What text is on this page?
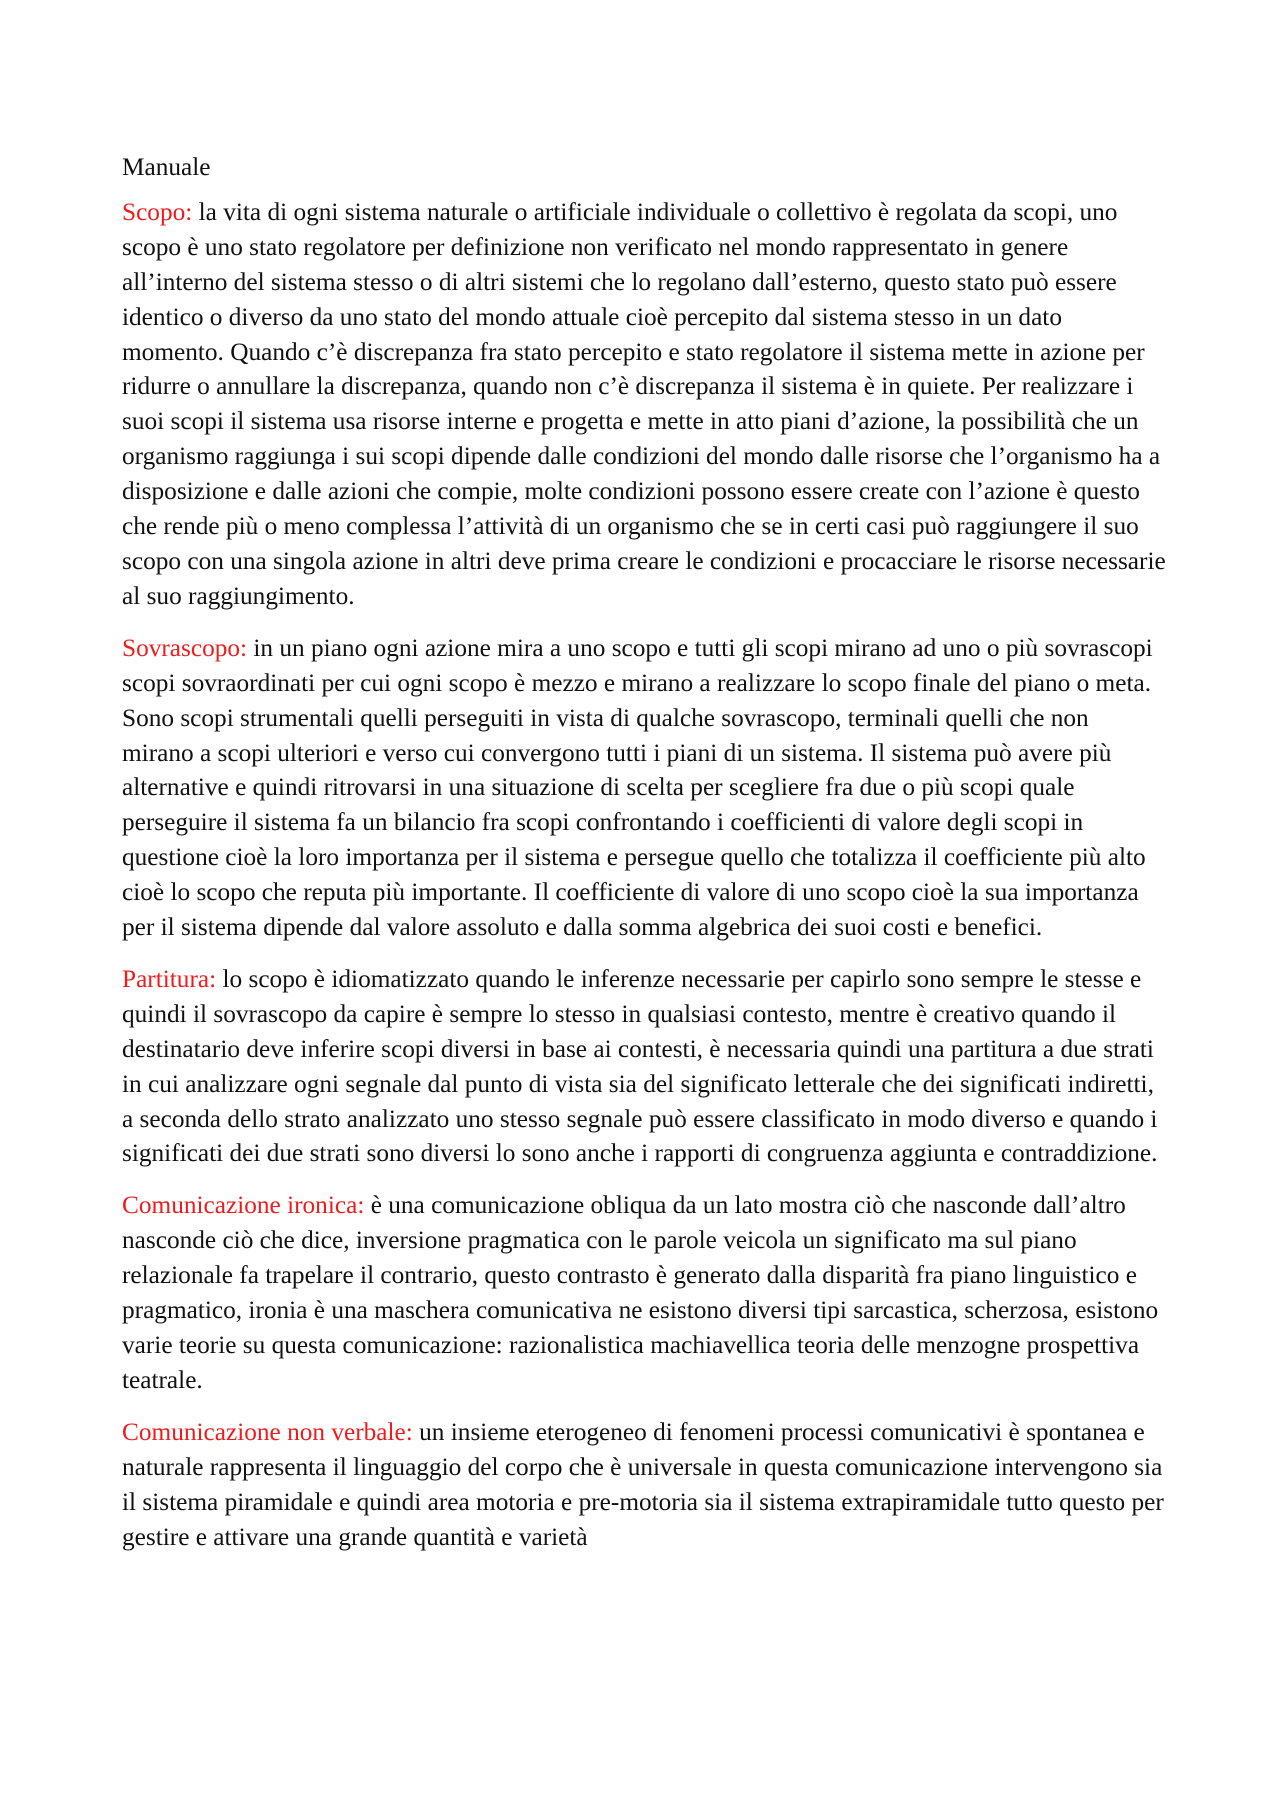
Manuale

Scopo: la vita di ogni sistema naturale o artificiale individuale o collettivo è regolata da scopi, uno scopo è uno stato regolatore per definizione non verificato nel mondo rappresentato in genere all’interno del sistema stesso o di altri sistemi che lo regolano dall’esterno, questo stato può essere identico o diverso da uno stato del mondo attuale cioè percepito dal sistema stesso in un dato momento. Quando c’è discrepanza fra stato percepito e stato regolatore il sistema mette in azione per ridurre o annullare la discrepanza, quando non c’è discrepanza il sistema è in quiete. Per realizzare i suoi scopi il sistema usa risorse interne e progetta e mette in atto piani d’azione, la possibilità che un organismo raggiunga i sui scopi dipende dalle condizioni del mondo dalle risorse che l’organismo ha a disposizione e dalle azioni che compie, molte condizioni possono essere create con l’azione è questo che rende più o meno complessa l’attività di un organismo che se in certi casi può raggiungere il suo scopo con una singola azione in altri deve prima creare le condizioni e procacciare le risorse necessarie al suo raggiungimento.

Sovrascopo: in un piano ogni azione mira a uno scopo e tutti gli scopi mirano ad uno o più sovrascopi scopi sovraordinati per cui ogni scopo è mezzo e mirano a realizzare lo scopo finale del piano o meta. Sono scopi strumentali quelli perseguiti in vista di qualche sovrascopo, terminali quelli che non mirano a scopi ulteriori e verso cui convergono tutti i piani di un sistema. Il sistema può avere più alternative e quindi ritrovarsi in una situazione di scelta per scegliere fra due o più scopi quale perseguire il sistema fa un bilancio fra scopi confrontando i coefficienti di valore degli scopi in questione cioè la loro importanza per il sistema e persegue quello che totalizza il coefficiente più alto cioè lo scopo che reputa più importante. Il coefficiente di valore di uno scopo cioè la sua importanza per il sistema dipende dal valore assoluto e dalla somma algebrica dei suoi costi e benefici.

Partitura: lo scopo è idiomatizzato quando le inferenze necessarie per capirlo sono sempre le stesse e quindi il sovrascopo da capire è sempre lo stesso in qualsiasi contesto, mentre è creativo quando il destinatario deve inferire scopi diversi in base ai contesti, è necessaria quindi una partitura a due strati in cui analizzare ogni segnale dal punto di vista sia del significato letterale che dei significati indiretti, a seconda dello strato analizzato uno stesso segnale può essere classificato in modo diverso e quando i significati dei due strati sono diversi lo sono anche i rapporti di congruenza aggiunta e contraddizione.

Comunicazione ironica: è una comunicazione obliqua da un lato mostra ciò che nasconde dall’altro nasconde ciò che dice, inversione pragmatica con le parole veicola un significato ma sul piano relazionale fa trapelare il contrario, questo contrasto è generato dalla disparità fra piano linguistico e pragmatico, ironia è una maschera comunicativa ne esistono diversi tipi sarcastica, scherzosa, esistono varie teorie su questa comunicazione: razionalistica machiavellica teoria delle menzogne prospettiva teatrale.

Comunicazione non verbale: un insieme eterogeneo di fenomeni processi comunicativi è spontanea e naturale rappresenta il linguaggio del corpo che è universale in questa comunicazione intervengono sia il sistema piramidale e quindi area motoria e pre-motoria sia il sistema extrapiramidale tutto questo per gestire e attivare una grande quantità e varietà
